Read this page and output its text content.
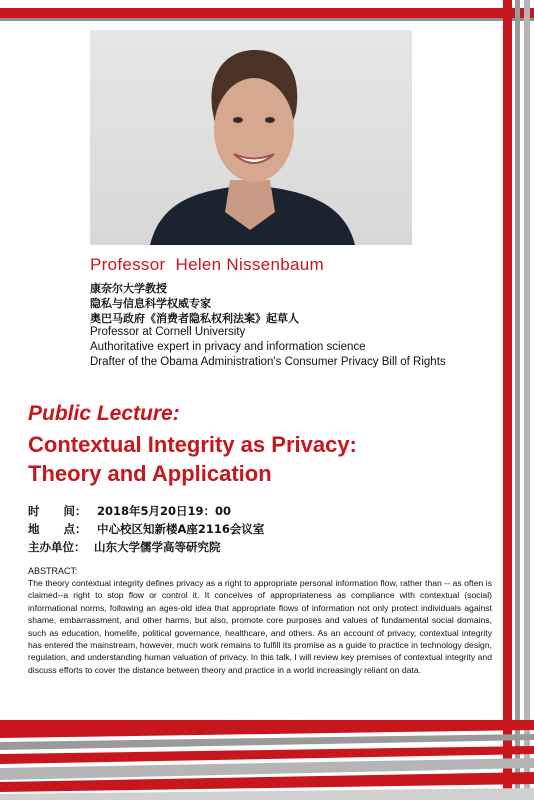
Professor  Helen Nissenbaum
康奈尔大学教授
隐私与信息科学权威专家
奥巴马政府《消费者隐私权利法案》起草人
Professor at Cornell University
Authoritative expert in privacy and information science
Drafter of the Obama Administration's Consumer Privacy Bill of Rights
Public Lecture:
Contextual Integrity as Privacy:
Theory and Application
时      间： 2018年5月20日19：00
地      点： 中心校区知新楼A座2116会议室
主办单位： 山东大学儒学高等研究院
ABSTRACT:
The theory contextual integrity defines privacy as a right to appropriate personal information flow, rather than -- as often is claimed--a right to stop flow or control it. It conceives of appropriateness as compliance with contextual (social) informational norms, following an ages-old idea that appropriate flows of information not only protect individuals against shame, embarrassment, and other harms, but also, promote core purposes and values of fundamental social domains, such as education, homelife, political governance, healthcare, and others. As an account of privacy, contextual integrity has entered the mainstream, however, much work remains to fulfill its promise as a guide to practice in technology design, regulation, and understanding human valuation of privacy. In this talk, I will review key premises of contextual integrity and discuss efforts to cover the distance between theory and practice in a world increasingly reliant on data.
